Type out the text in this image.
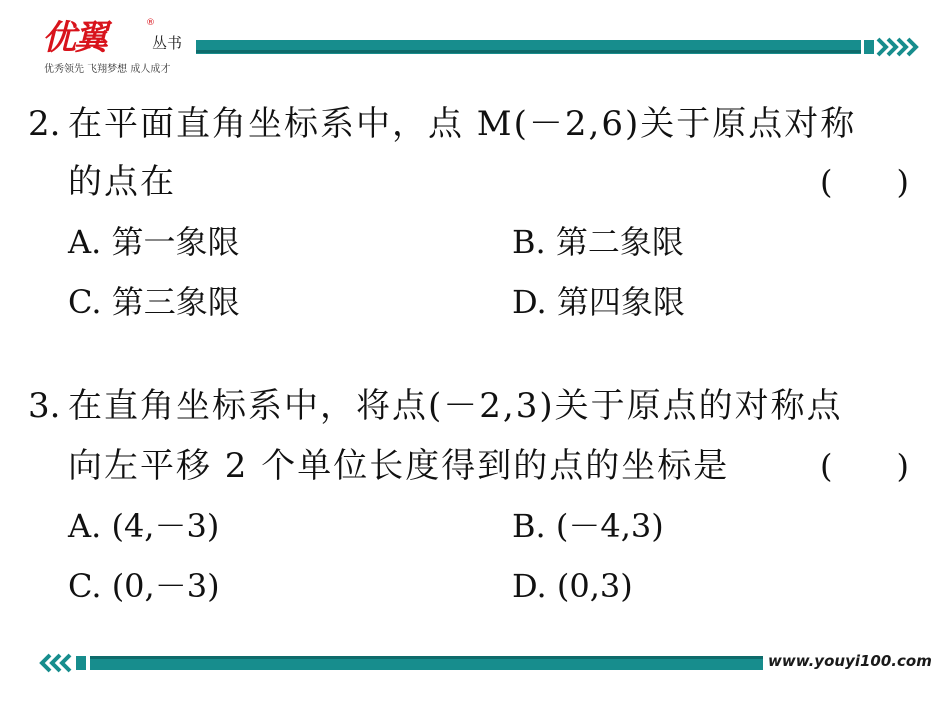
优翼	®
丛书
优秀领先 飞翔梦想 成人成才
2. 在平面直角坐标系中，点 M(－2,6)关于原点对称
的点在	(　　)
A. 第一象限	B. 第二象限
C. 第三象限	D. 第四象限
3. 在直角坐标系中，将点(－2,3)关于原点的对称点
向左平移 2 个单位长度得到的点的坐标是	(　　)
A. (4,－3)	B. (－4,3)
C. (0,－3)	D. (0,3)
www.youyi100.com
